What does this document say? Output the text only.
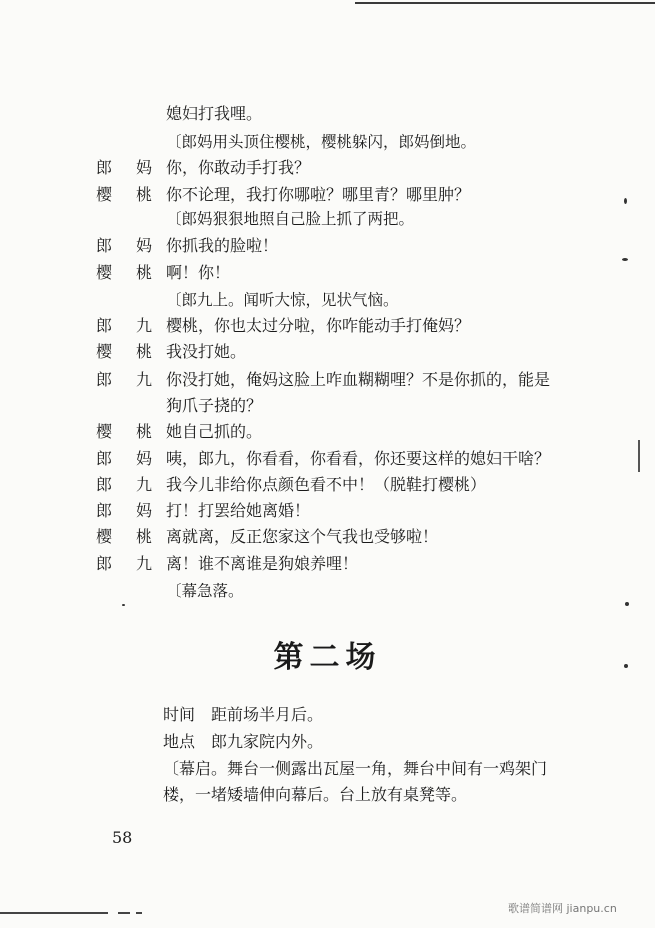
媳妇打我哩。
〔郎妈用头顶住樱桃，樱桃躲闪，郎妈倒地。
郎 妈 你，你敢动手打我？
樱 桃 你不论理，我打你哪啦？哪里青？哪里肿？
〔郎妈狠狠地照自己脸上抓了两把。
郎 妈 你抓我的脸啦！
樱 桃 啊！你！
〔郎九上。闻听大惊，见状气恼。
郎 九 樱桃，你也太过分啦，你咋能动手打俺妈？
樱 桃 我没打她。
郎 九 你没打她，俺妈这脸上咋血糊糊哩？不是你抓的，能是
狗爪子挠的？
樱 桃 她自己抓的。
郎 妈 咦，郎九，你看看，你看看，你还要这样的媳妇干啥？
郎 九 我今儿非给你点颜色看不中！（脱鞋打樱桃）
郎 妈 打！打罢给她离婚！
樱 桃 离就离，反正您家这个气我也受够啦！
郎 九 离！谁不离谁是狗娘养哩！
〔幕急落。
第二场
时间　距前场半月后。
地点　郎九家院内外。
〔幕启。舞台一侧露出瓦屋一角，舞台中间有一鸡架门
楼，一堵矮墙伸向幕后。台上放有桌凳等。
58
歌谱简谱网 jianpu.cn
